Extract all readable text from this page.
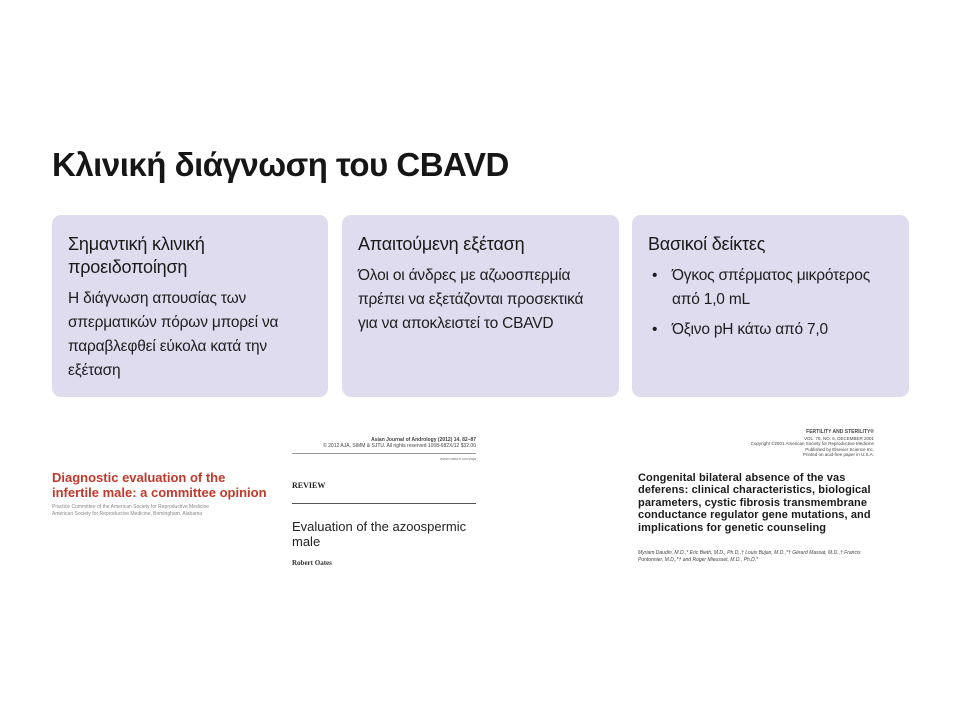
Κλινική διάγνωση του CBAVD
Σημαντική κλινική προειδοποίηση
Η διάγνωση απουσίας των σπερματικών πόρων μπορεί να παραβλεφθεί εύκολα κατά την εξέταση
Απαιτούμενη εξέταση
Όλοι οι άνδρες με αζωοσπερμία πρέπει να εξετάζονται προσεκτικά για να αποκλειστεί το CBAVD
Βασικοί δείκτες
• Όγκος σπέρματος μικρότερος από 1,0 mL
• Όξινο pH κάτω από 7,0
Diagnostic evaluation of the infertile male: a committee opinion
Practice Committee of the American Society for Reproductive Medicine
American Society for Reproductive Medicine, Birmingham, Alabama
Asian Journal of Andrology (2012) 14, 82–87
© 2012 AJA, SIMM & SJTU. All rights reserved 1008-682X/12 $32.00
www.nature.com/aja
REVIEW
Evaluation of the azoospermic male
Robert Oates
FERTILITY AND STERILITY®
VOL. 76, NO. 6, DECEMBER 2001
Copyright ©2001 American Society for Reproductive Medicine
Published by Elsevier Science Inc.
Printed on acid-free paper in U.S.A.
Congenital bilateral absence of the vas deferens: clinical characteristics, biological parameters, cystic fibrosis transmembrane conductance regulator gene mutations, and implications for genetic counseling
Myriam Daudin, M.D.,* Eric Bieth, M.D., Ph.D.,† Louis Bujan, M.D.,*† Gérard Massat, M.D.,† Francis Pontonnier, M.D.,*† and Roger Mieusset, M.D., Ph.D.*
